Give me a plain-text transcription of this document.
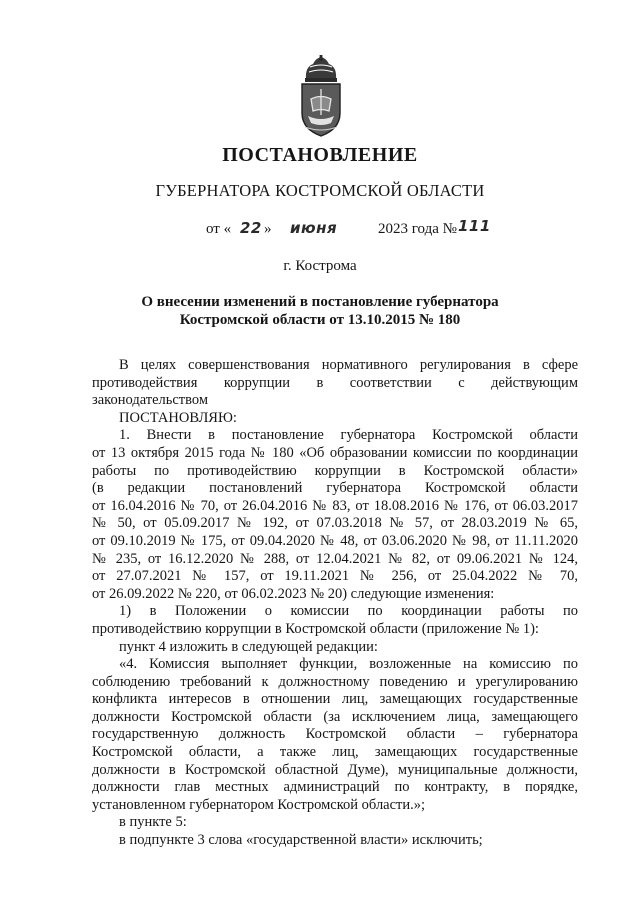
ПОСТАНОВЛЕНИЕ
ГУБЕРНАТОРА КОСТРОМСКОЙ ОБЛАСТИ
от « 22 » июня	2023 года № 111
г. Кострома
О внесении изменений в постановление губернатора
Костромской области от 13.10.2015 № 180
В целях совершенствования нормативного регулирования в сфере
противодействия коррупции в соответствии с действующим
законодательством
ПОСТАНОВЛЯЮ:
1. Внести в постановление губернатора Костромской области
от 13 октября 2015 года № 180 «Об образовании комиссии по координации
работы по противодействию коррупции в Костромской области»
(в редакции постановлений губернатора Костромской области
от 16.04.2016 № 70, от 26.04.2016 № 83, от 18.08.2016 № 176, от 06.03.2017
№ 50, от 05.09.2017 № 192, от 07.03.2018 № 57, от 28.03.2019 № 65,
от 09.10.2019 № 175, от 09.04.2020 № 48, от 03.06.2020 № 98, от 11.11.2020
№ 235, от 16.12.2020 № 288, от 12.04.2021 № 82, от 09.06.2021 № 124,
от 27.07.2021 № 157, от 19.11.2021 № 256, от 25.04.2022 № 70,
от 26.09.2022 № 220, от 06.02.2023 № 20) следующие изменения:
1) в Положении о комиссии по координации работы по
противодействию коррупции в Костромской области (приложение № 1):
пункт 4 изложить в следующей редакции:
«4. Комиссия выполняет функции, возложенные на комиссию по
соблюдению требований к должностному поведению и урегулированию
конфликта интересов в отношении лиц, замещающих государственные
должности Костромской области (за исключением лица, замещающего
государственную должность Костромской области – губернатора
Костромской области, а также лиц, замещающих государственные
должности в Костромской областной Думе), муниципальные должности,
должности глав местных администраций по контракту, в порядке,
установленном губернатором Костромской области.»;
в пункте 5:
в подпункте 3 слова «государственной власти» исключить;
